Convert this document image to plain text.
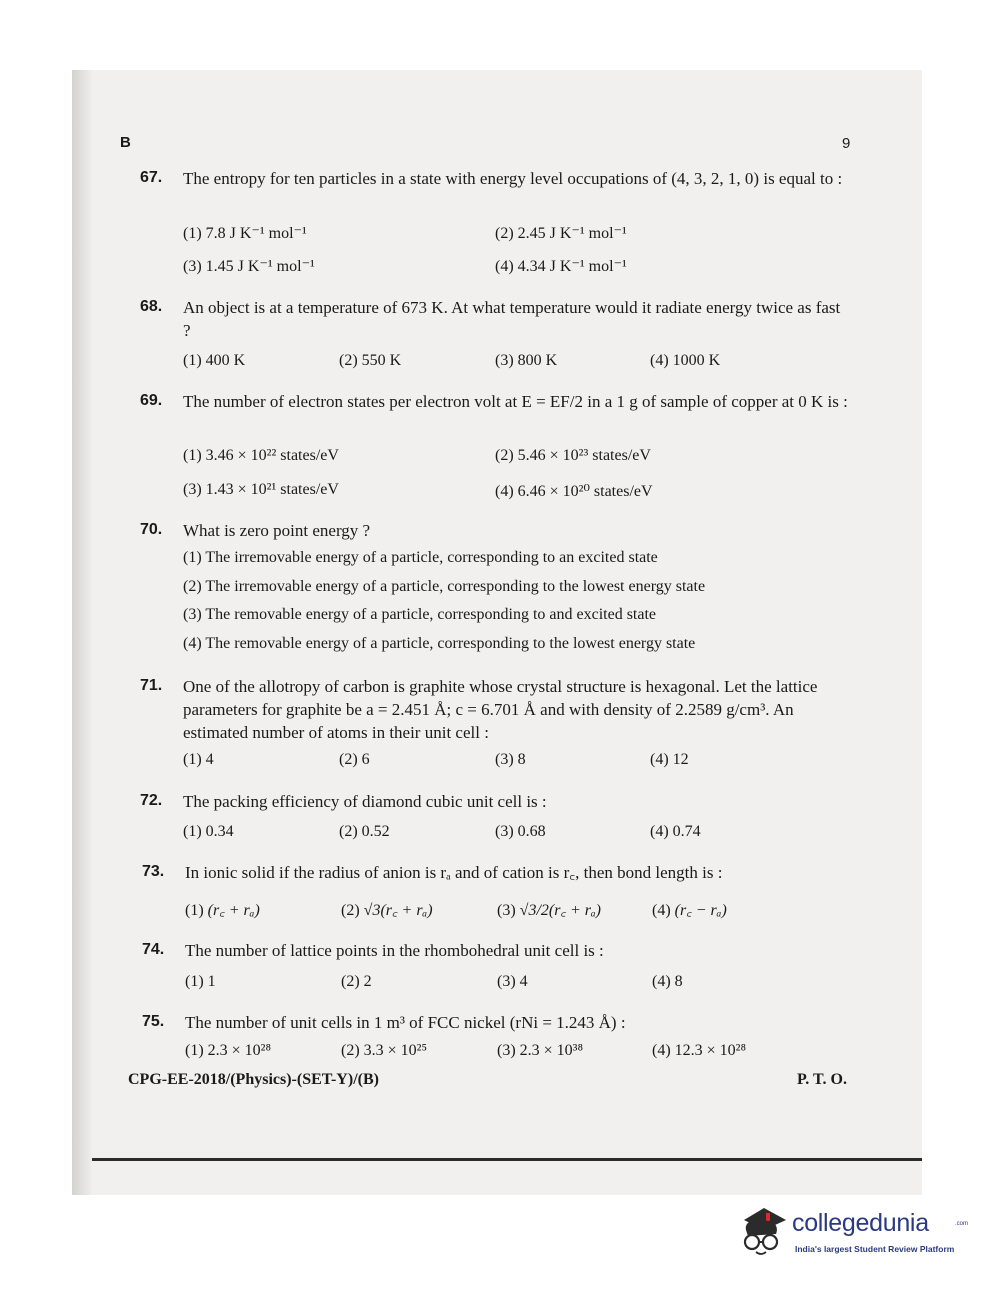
B	9
67. The entropy for ten particles in a state with energy level occupations of (4, 3, 2, 1, 0) is equal to :
(1) 7.8 J K⁻¹ mol⁻¹	(2) 2.45 J K⁻¹ mol⁻¹
(3) 1.45 J K⁻¹ mol⁻¹	(4) 4.34 J K⁻¹ mol⁻¹
68. An object is at a temperature of 673 K. At what temperature would it radiate energy twice as fast ?
(1) 400 K	(2) 550 K	(3) 800 K	(4) 1000 K
69. The number of electron states per electron volt at E = EF/2 in a 1 g of sample of copper at 0 K is :
(1) 3.46 × 10²² states/eV	(2) 5.46 × 10²³ states/eV
(3) 1.43 × 10²¹ states/eV	(4) 6.46 × 10²⁰ states/eV
70. What is zero point energy ?
(1) The irremovable energy of a particle, corresponding to an excited state
(2) The irremovable energy of a particle, corresponding to the lowest energy state
(3) The removable energy of a particle, corresponding to and excited state
(4) The removable energy of a particle, corresponding to the lowest energy state
71. One of the allotropy of carbon is graphite whose crystal structure is hexagonal. Let the lattice parameters for graphite be a = 2.451 Å; c = 6.701 Å and with density of 2.2589 g/cm³. An estimated number of atoms in their unit cell :
(1) 4	(2) 6	(3) 8	(4) 12
72. The packing efficiency of diamond cubic unit cell is :
(1) 0.34	(2) 0.52	(3) 0.68	(4) 0.74
73. In ionic solid if the radius of anion is rₐ and of cation is r꜀, then bond length is :
(1) (r꜀ + rₐ)	(2) √3(r꜀ + rₐ)	(3) √3/2(r꜀ + rₐ)	(4) (r꜀ − rₐ)
74. The number of lattice points in the rhombohedral unit cell is :
(1) 1	(2) 2	(3) 4	(4) 8
75. The number of unit cells in 1 m³ of FCC nickel (rNi = 1.243 Å) :
(1) 2.3 × 10²⁸	(2) 3.3 × 10²⁵	(3) 2.3 × 10³⁸	(4) 12.3 × 10²⁸
CPG-EE-2018/(Physics)-(SET-Y)/(B)	P. T. O.
collegedunia	.com
India's largest Student Review Platform
